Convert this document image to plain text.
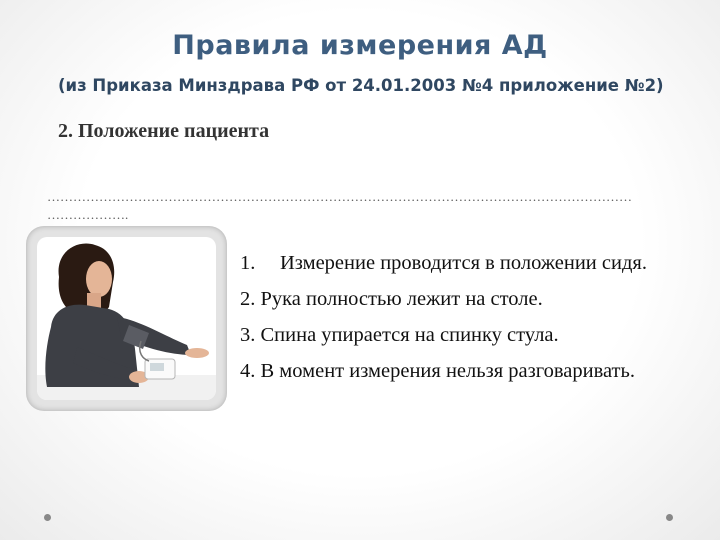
Правила измерения АД
(из Приказа Минздрава РФ от 24.01.2003 №4 приложение №2)
2. Положение пациента
………………………………………………………………………………………………………………………
……………….
1.	Измерение проводится в положении сидя.
2. Рука полностью лежит на столе.
3. Спина упирается на спинку стула.
4. В момент измерения нельзя разговаривать.
